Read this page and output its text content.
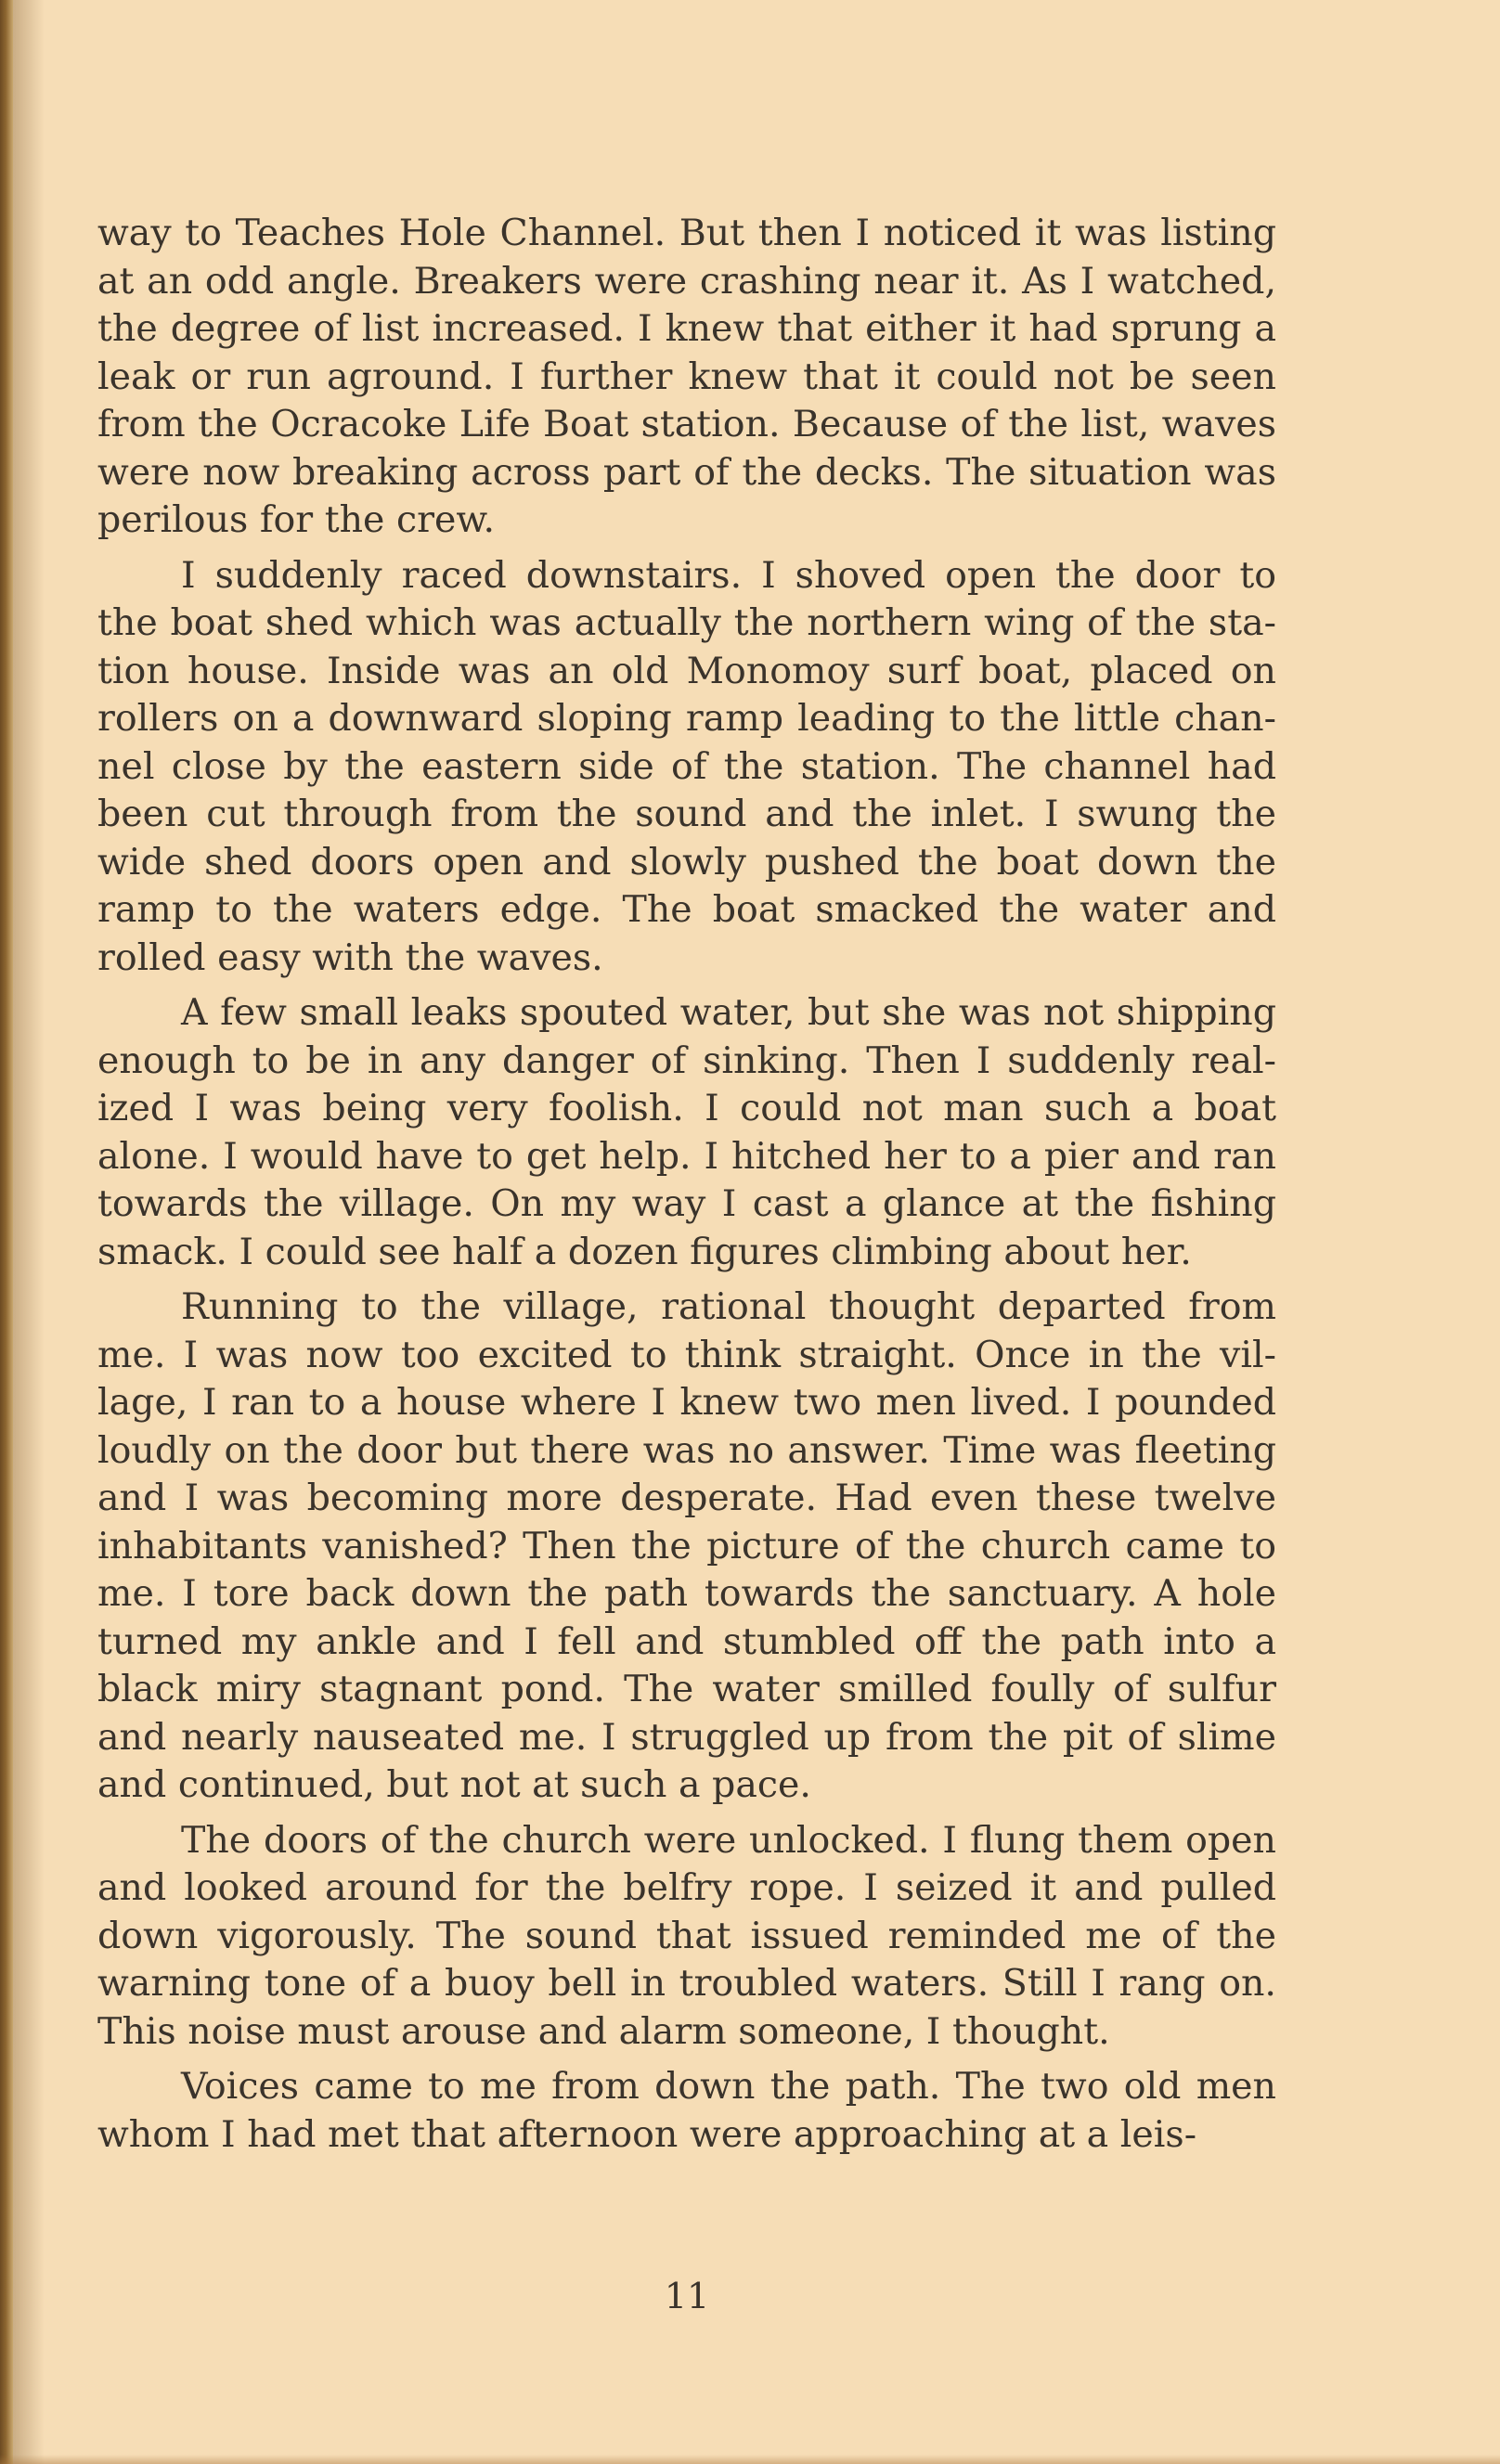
way to Teaches Hole Channel. But then I noticed it was listing at an odd angle. Breakers were crashing near it. As I watched, the degree of list increased. I knew that either it had sprung a leak or run aground. I further knew that it could not be seen from the Ocracoke Life Boat station. Because of the list, waves were now breaking across part of the decks. The situation was perilous for the crew.

I suddenly raced downstairs. I shoved open the door to the boat shed which was actually the northern wing of the station house. Inside was an old Monomoy surf boat, placed on rollers on a downward sloping ramp leading to the little channel close by the eastern side of the station. The channel had been cut through from the sound and the inlet. I swung the wide shed doors open and slowly pushed the boat down the ramp to the waters edge. The boat smacked the water and rolled easy with the waves.

A few small leaks spouted water, but she was not shipping enough to be in any danger of sinking. Then I suddenly realized I was being very foolish. I could not man such a boat alone. I would have to get help. I hitched her to a pier and ran towards the village. On my way I cast a glance at the fishing smack. I could see half a dozen figures climbing about her.

Running to the village, rational thought departed from me. I was now too excited to think straight. Once in the village, I ran to a house where I knew two men lived. I pounded loudly on the door but there was no answer. Time was fleeting and I was becoming more desperate. Had even these twelve inhabitants vanished? Then the picture of the church came to me. I tore back down the path towards the sanctuary. A hole turned my ankle and I fell and stumbled off the path into a black miry stagnant pond. The water smilled foully of sulfur and nearly nauseated me. I struggled up from the pit of slime and continued, but not at such a pace.

The doors of the church were unlocked. I flung them open and looked around for the belfry rope. I seized it and pulled down vigorously. The sound that issued reminded me of the warning tone of a buoy bell in troubled waters. Still I rang on. This noise must arouse and alarm someone, I thought.

Voices came to me from down the path. The two old men whom I had met that afternoon were approaching at a leis-

11
